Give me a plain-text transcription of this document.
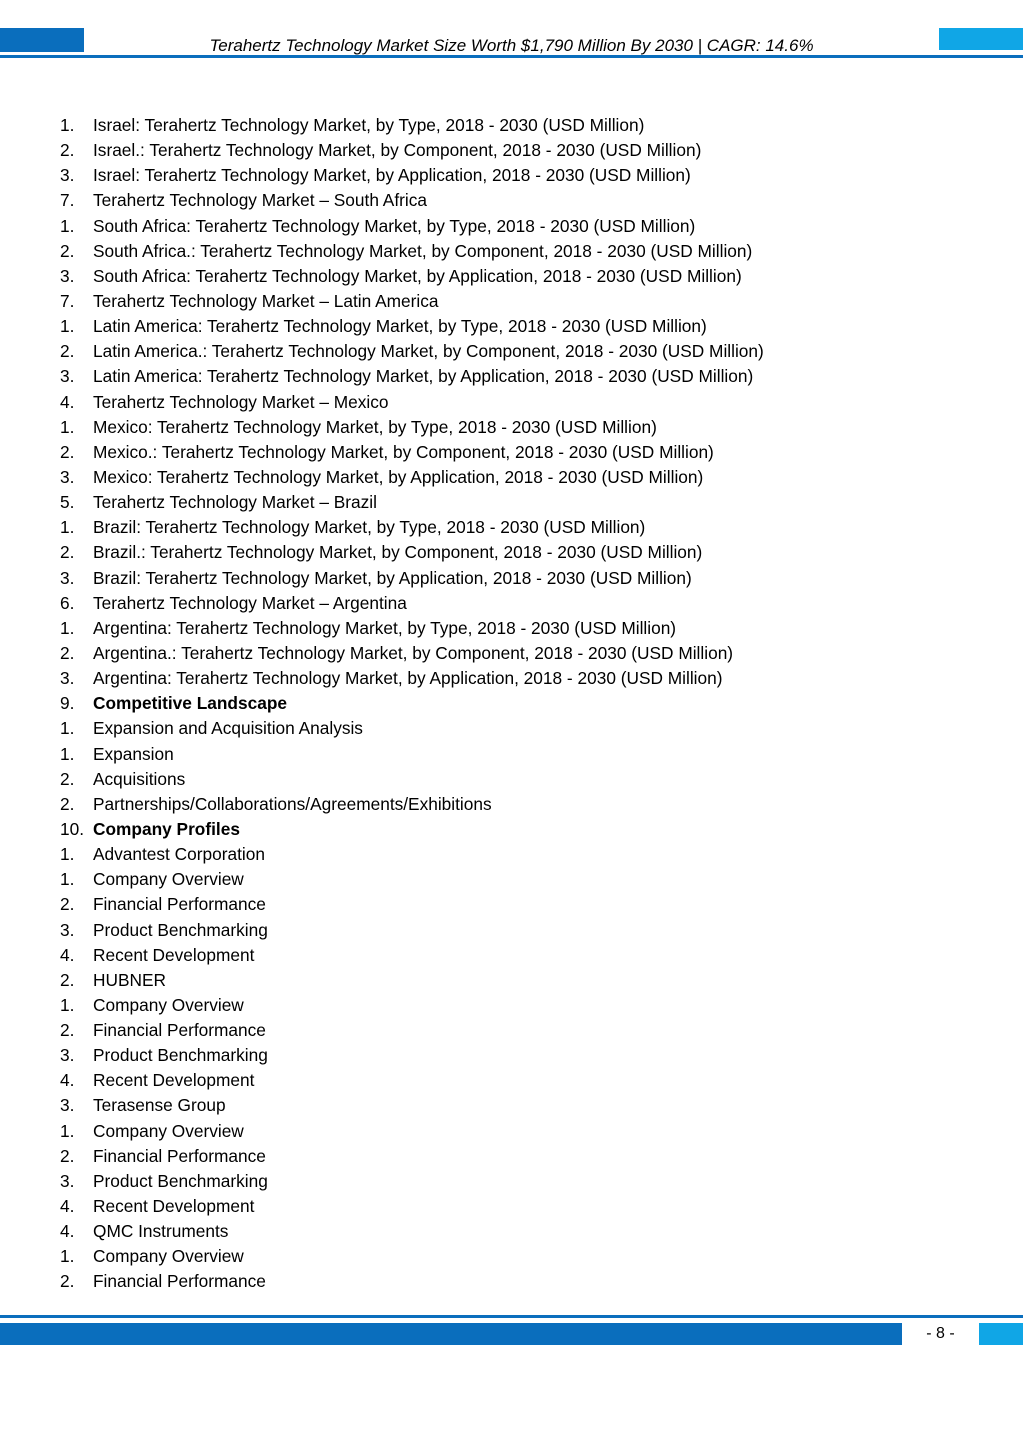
Terahertz Technology Market Size Worth $1,790 Million By 2030 | CAGR: 14.6%
1. Israel: Terahertz Technology Market, by Type, 2018 - 2030 (USD Million)
2. Israel.: Terahertz Technology Market, by Component, 2018 - 2030 (USD Million)
3. Israel: Terahertz Technology Market, by Application, 2018 - 2030 (USD Million)
7. Terahertz Technology Market – South Africa
1. South Africa: Terahertz Technology Market, by Type, 2018 - 2030 (USD Million)
2. South Africa.: Terahertz Technology Market, by Component, 2018 - 2030 (USD Million)
3. South Africa: Terahertz Technology Market, by Application, 2018 - 2030 (USD Million)
7. Terahertz Technology Market – Latin America
1. Latin America: Terahertz Technology Market, by Type, 2018 - 2030 (USD Million)
2. Latin America.: Terahertz Technology Market, by Component, 2018 - 2030 (USD Million)
3. Latin America: Terahertz Technology Market, by Application, 2018 - 2030 (USD Million)
4. Terahertz Technology Market – Mexico
1. Mexico: Terahertz Technology Market, by Type, 2018 - 2030 (USD Million)
2. Mexico.: Terahertz Technology Market, by Component, 2018 - 2030 (USD Million)
3. Mexico: Terahertz Technology Market, by Application, 2018 - 2030 (USD Million)
5. Terahertz Technology Market – Brazil
1. Brazil: Terahertz Technology Market, by Type, 2018 - 2030 (USD Million)
2. Brazil.: Terahertz Technology Market, by Component, 2018 - 2030 (USD Million)
3. Brazil: Terahertz Technology Market, by Application, 2018 - 2030 (USD Million)
6. Terahertz Technology Market – Argentina
1. Argentina: Terahertz Technology Market, by Type, 2018 - 2030 (USD Million)
2. Argentina.: Terahertz Technology Market, by Component, 2018 - 2030 (USD Million)
3. Argentina: Terahertz Technology Market, by Application, 2018 - 2030 (USD Million)
9. Competitive Landscape
1. Expansion and Acquisition Analysis
1. Expansion
2. Acquisitions
2. Partnerships/Collaborations/Agreements/Exhibitions
10. Company Profiles
1. Advantest Corporation
1. Company Overview
2. Financial Performance
3. Product Benchmarking
4. Recent Development
2. HUBNER
1. Company Overview
2. Financial Performance
3. Product Benchmarking
4. Recent Development
3. Terasense Group
1. Company Overview
2. Financial Performance
3. Product Benchmarking
4. Recent Development
4. QMC Instruments
1. Company Overview
2. Financial Performance
- 8 -
